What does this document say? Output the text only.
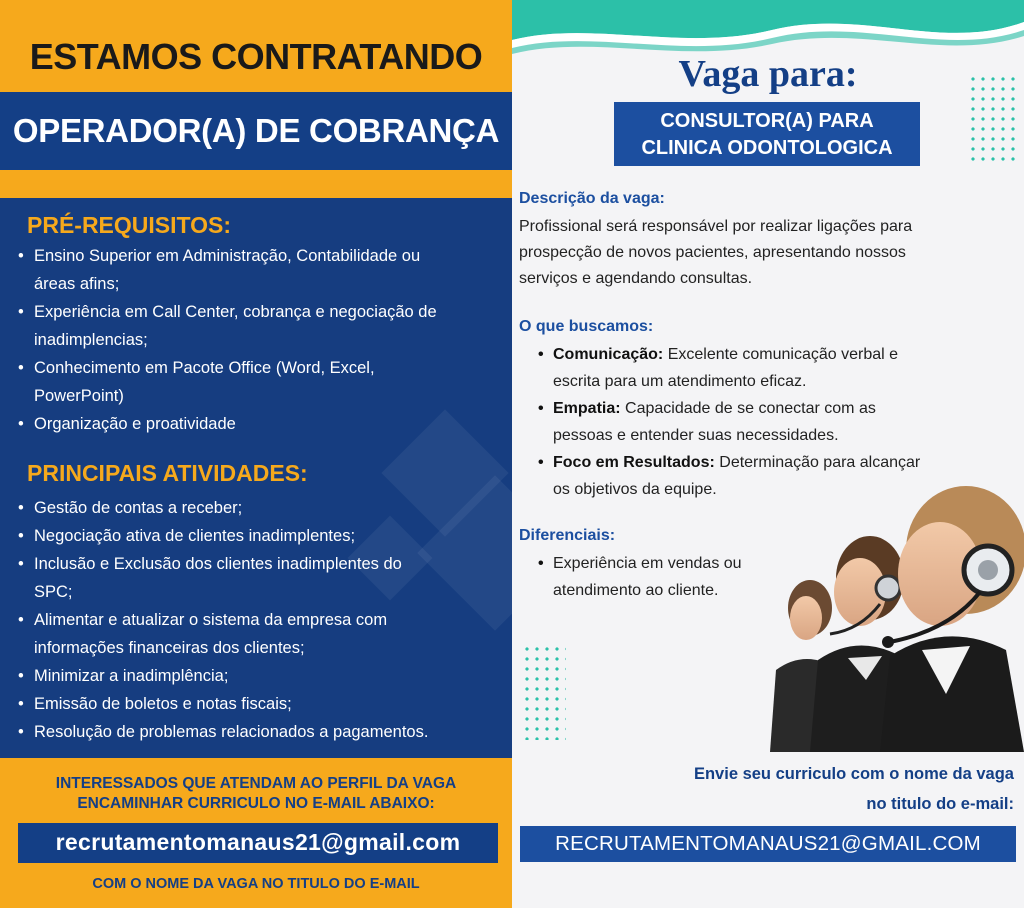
ESTAMOS CONTRATANDO
OPERADOR(A) DE COBRANÇA
PRÉ-REQUISITOS:
• Ensino Superior em Administração, Contabilidade ou
áreas afins;
• Experiência em Call Center, cobrança e negociação de
inadimplencias;
• Conhecimento em Pacote Office (Word, Excel,
PowerPoint)
• Organização e proatividade
PRINCIPAIS ATIVIDADES:
• Gestão de contas a receber;
• Negociação ativa de clientes inadimplentes;
• Inclusão e Exclusão dos clientes inadimplentes do
SPC;
• Alimentar e atualizar o sistema da empresa com
informações financeiras dos clientes;
• Minimizar a inadimplência;
• Emissão de boletos e notas fiscais;
• Resolução de problemas relacionados a pagamentos.
INTERESSADOS QUE ATENDAM AO PERFIL DA VAGA
ENCAMINHAR CURRICULO NO E-MAIL ABAIXO:
recrutamentomanaus21@gmail.com
COM O NOME DA VAGA NO TITULO DO E-MAIL
Vaga para:
CONSULTOR(A) PARA
CLINICA ODONTOLOGICA
Descrição da vaga:
Profissional será responsável por realizar ligações para
prospecção de novos pacientes, apresentando nossos
serviços e agendando consultas.
O que buscamos:
• Comunicação: Excelente comunicação verbal e
escrita para um atendimento eficaz.
• Empatia: Capacidade de se conectar com as
pessoas e entender suas necessidades.
• Foco em Resultados: Determinação para alcançar
os objetivos da equipe.
Diferenciais:
• Experiência em vendas ou
atendimento ao cliente.
Envie seu curriculo com o nome da vaga
no titulo do e-mail:
RECRUTAMENTOMANAUS21@GMAIL.COM
